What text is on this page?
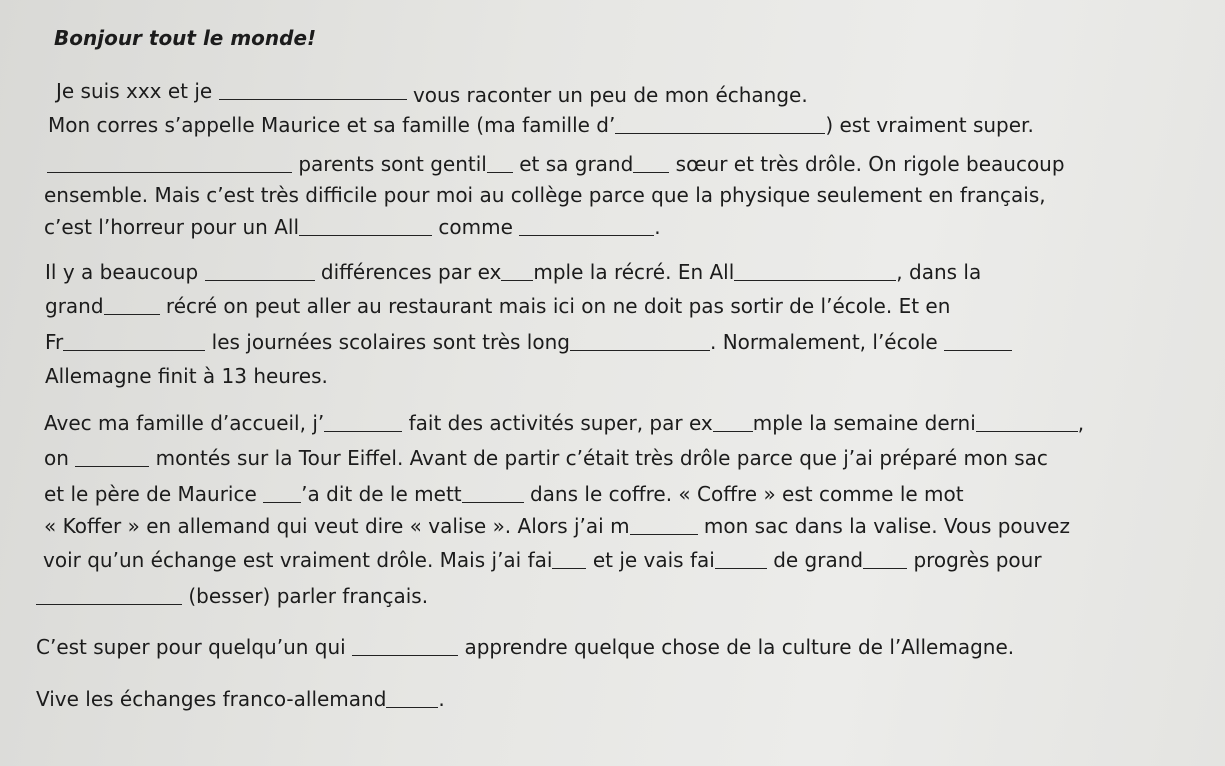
Bonjour tout le monde!
Je suis xxx et je	vous raconter un peu de mon échange.
Mon corres s’appelle Maurice et sa famille (ma famille d’	) est vraiment super.
parents sont gentil et sa grand sœur et très drôle. On rigole beaucoup
ensemble. Mais c’est très difficile pour moi au collège parce que la physique seulement en français,
c’est l’horreur pour un All	comme	.
Il y a beaucoup	différences par ex mple la récré. En All	, dans la
grand	récré on peut aller au restaurant mais ici on ne doit pas sortir de l’école. Et en
Fr	les journées scolaires sont très long	. Normalement, l’école
Allemagne finit à 13 heures.
Avec ma famille d’accueil, j’	fait des activités super, par ex mple la semaine derni	,
on	montés sur la Tour Eiffel. Avant de partir c’était très drôle parce que j’ai préparé mon sac
et le père de Maurice ’a dit de le mett	dans le coffre. « Coffre » est comme le mot
« Koffer » en allemand qui veut dire « valise ». Alors j’ai m	mon sac dans la valise. Vous pouvez
voir qu’un échange est vraiment drôle. Mais j’ai fai et je vais fai	de grand	progrès pour
(besser) parler français.
C’est super pour quelqu’un qui	apprendre quelque chose de la culture de l’Allemagne.
Vive les échanges franco-allemand	.
